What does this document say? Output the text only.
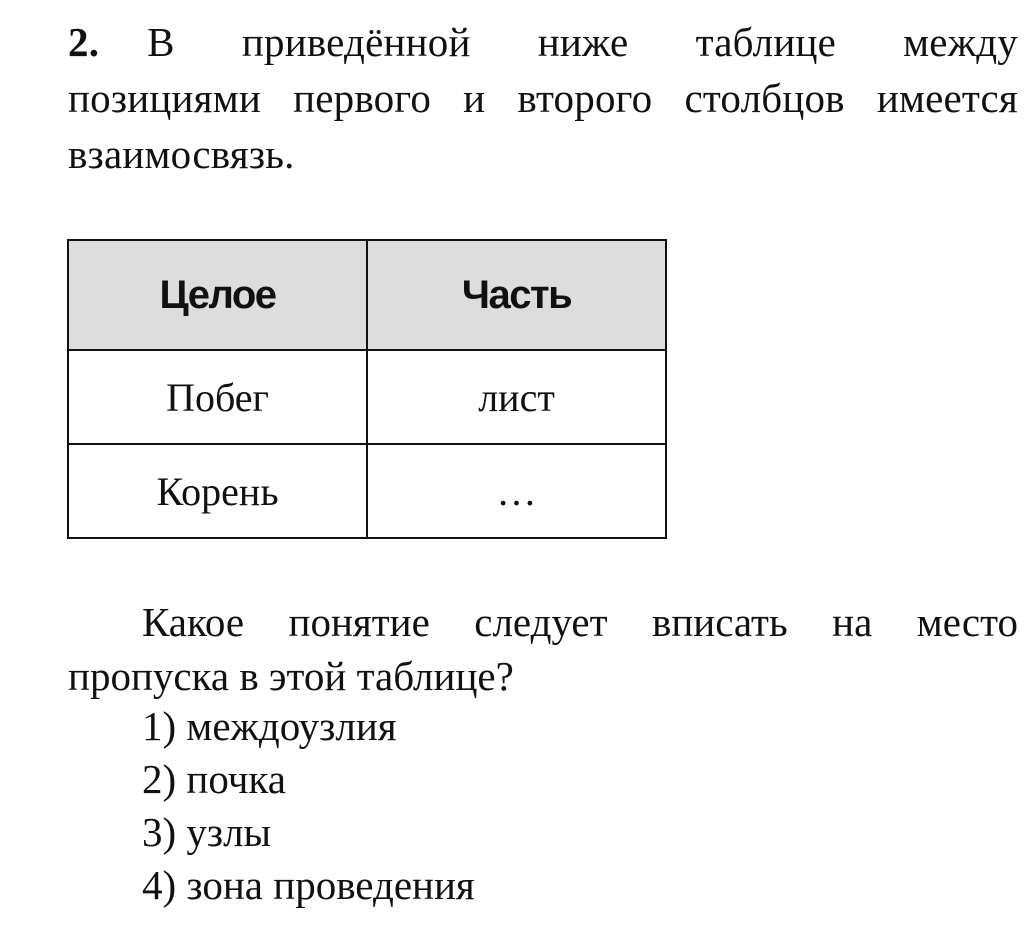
2. В приведённой ниже таблице между
позициями первого и второго столбцов имеется
взаимосвязь.
Целое	Часть
Побег	лист
Корень	…
Какое понятие следует вписать на место
пропуска в этой таблице?
1) междоузлия
2) почка
3) узлы
4) зона проведения
